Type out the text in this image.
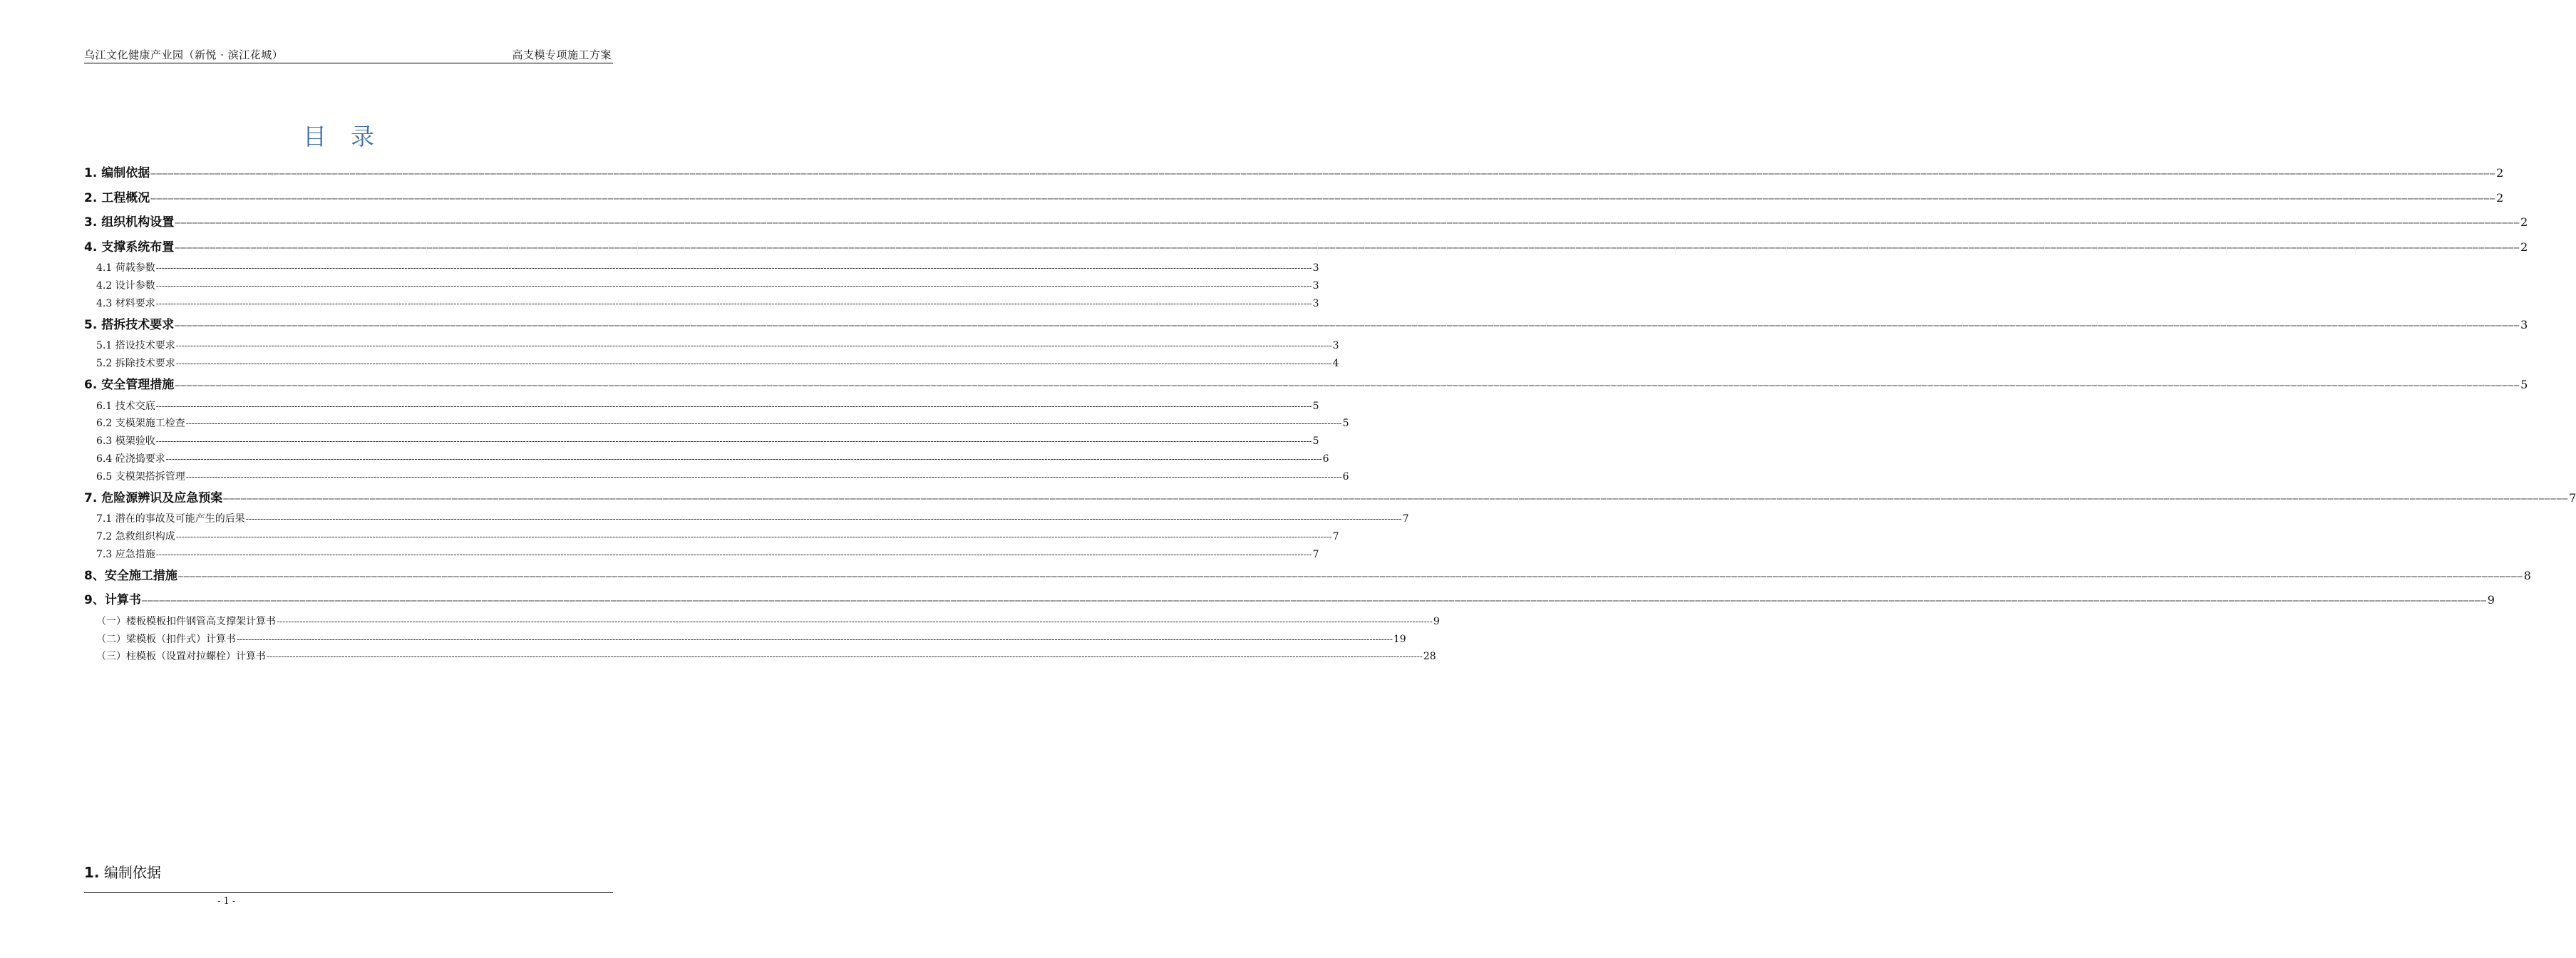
乌江文化健康产业园（新悦 · 滨江花城）	高支模专项施工方案
目录
1. 编制依据 ──────────────────────────────────────────────────────────────────────────────────────────────────────────────────────────────────────────────────────────────────────────────────────────────────────────────────────────────────────────────────────────────────────────────────────────────────────────────────────────────────────────────────────────────────────────────────────────────────────────────── 2
2. 工程概况 ──────────────────────────────────────────────────────────────────────────────────────────────────────────────────────────────────────────────────────────────────────────────────────────────────────────────────────────────────────────────────────────────────────────────────────────────────────────────────────────────────────────────────────────────────────────────────────────────────────────────── 2
3. 组织机构设置 ──────────────────────────────────────────────────────────────────────────────────────────────────────────────────────────────────────────────────────────────────────────────────────────────────────────────────────────────────────────────────────────────────────────────────────────────────────────────────────────────────────────────────────────────────────────────────────────────────────────────── 2
4. 支撑系统布置 ──────────────────────────────────────────────────────────────────────────────────────────────────────────────────────────────────────────────────────────────────────────────────────────────────────────────────────────────────────────────────────────────────────────────────────────────────────────────────────────────────────────────────────────────────────────────────────────────────────────────── 2
4.1 荷载参数 ---------------------------------------------------------------------------------------------------------------------------------------------------------------------------------------------------------------------------------------------------------------------------------------------------------------------------------------------------------------------------------------------------------------- 3
4.2 设计参数 ---------------------------------------------------------------------------------------------------------------------------------------------------------------------------------------------------------------------------------------------------------------------------------------------------------------------------------------------------------------------------------------------------------------- 3
4.3 材料要求 ---------------------------------------------------------------------------------------------------------------------------------------------------------------------------------------------------------------------------------------------------------------------------------------------------------------------------------------------------------------------------------------------------------------- 3
5. 搭拆技术要求 ──────────────────────────────────────────────────────────────────────────────────────────────────────────────────────────────────────────────────────────────────────────────────────────────────────────────────────────────────────────────────────────────────────────────────────────────────────────────────────────────────────────────────────────────────────────────────────────────────────────────── 3
5.1 搭设技术要求 ---------------------------------------------------------------------------------------------------------------------------------------------------------------------------------------------------------------------------------------------------------------------------------------------------------------------------------------------------------------------------------------------------------------- 3
5.2 拆除技术要求 ---------------------------------------------------------------------------------------------------------------------------------------------------------------------------------------------------------------------------------------------------------------------------------------------------------------------------------------------------------------------------------------------------------------- 4
6. 安全管理措施 ──────────────────────────────────────────────────────────────────────────────────────────────────────────────────────────────────────────────────────────────────────────────────────────────────────────────────────────────────────────────────────────────────────────────────────────────────────────────────────────────────────────────────────────────────────────────────────────────────────────────── 5
6.1 技术交底 ---------------------------------------------------------------------------------------------------------------------------------------------------------------------------------------------------------------------------------------------------------------------------------------------------------------------------------------------------------------------------------------------------------------- 5
6.2 支模架施工检查 ---------------------------------------------------------------------------------------------------------------------------------------------------------------------------------------------------------------------------------------------------------------------------------------------------------------------------------------------------------------------------------------------------------------- 5
6.3 模架验收 ---------------------------------------------------------------------------------------------------------------------------------------------------------------------------------------------------------------------------------------------------------------------------------------------------------------------------------------------------------------------------------------------------------------- 5
6.4 砼浇捣要求 ---------------------------------------------------------------------------------------------------------------------------------------------------------------------------------------------------------------------------------------------------------------------------------------------------------------------------------------------------------------------------------------------------------------- 6
6.5 支模架搭拆管理 ---------------------------------------------------------------------------------------------------------------------------------------------------------------------------------------------------------------------------------------------------------------------------------------------------------------------------------------------------------------------------------------------------------------- 6
7. 危险源辨识及应急预案 ──────────────────────────────────────────────────────────────────────────────────────────────────────────────────────────────────────────────────────────────────────────────────────────────────────────────────────────────────────────────────────────────────────────────────────────────────────────────────────────────────────────────────────────────────────────────────────────────────────────────── 7
7.1 潜在的事故及可能产生的后果 ---------------------------------------------------------------------------------------------------------------------------------------------------------------------------------------------------------------------------------------------------------------------------------------------------------------------------------------------------------------------------------------------------------------- 7
7.2 急救组织构成 ---------------------------------------------------------------------------------------------------------------------------------------------------------------------------------------------------------------------------------------------------------------------------------------------------------------------------------------------------------------------------------------------------------------- 7
7.3 应急措施 ---------------------------------------------------------------------------------------------------------------------------------------------------------------------------------------------------------------------------------------------------------------------------------------------------------------------------------------------------------------------------------------------------------------- 7
8、安全施工措施 ──────────────────────────────────────────────────────────────────────────────────────────────────────────────────────────────────────────────────────────────────────────────────────────────────────────────────────────────────────────────────────────────────────────────────────────────────────────────────────────────────────────────────────────────────────────────────────────────────────────────── 8
9、计算书 ──────────────────────────────────────────────────────────────────────────────────────────────────────────────────────────────────────────────────────────────────────────────────────────────────────────────────────────────────────────────────────────────────────────────────────────────────────────────────────────────────────────────────────────────────────────────────────────────────────────────── 9
（一）楼板模板扣件钢管高支撑架计算书 ---------------------------------------------------------------------------------------------------------------------------------------------------------------------------------------------------------------------------------------------------------------------------------------------------------------------------------------------------------------------------------------------------------------- 9
（二）梁模板（扣件式）计算书 ---------------------------------------------------------------------------------------------------------------------------------------------------------------------------------------------------------------------------------------------------------------------------------------------------------------------------------------------------------------------------------------------------------------- 19
（三）柱模板（设置对拉螺栓）计算书 ---------------------------------------------------------------------------------------------------------------------------------------------------------------------------------------------------------------------------------------------------------------------------------------------------------------------------------------------------------------------------------------------------------------- 28
1. 编制依据
- 1 -
